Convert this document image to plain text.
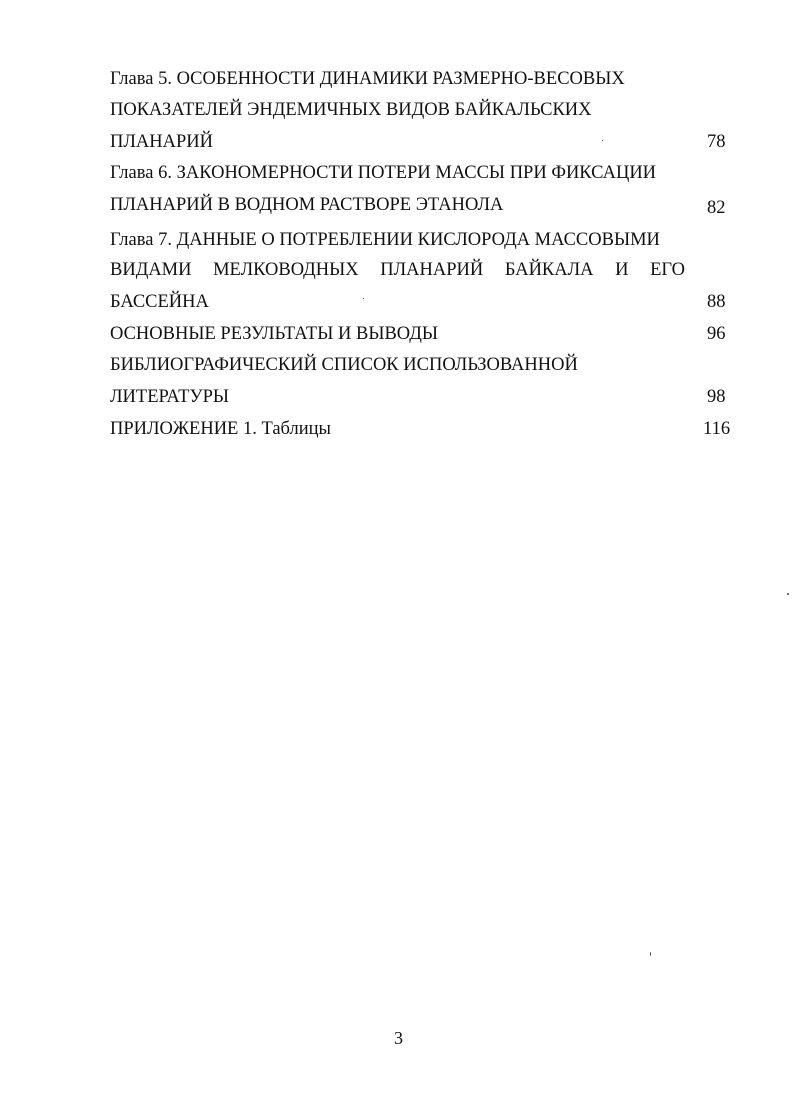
Глава 5. ОСОБЕННОСТИ ДИНАМИКИ РАЗМЕРНО-ВЕСОВЫХ
ПОКАЗАТЕЛЕЙ ЭНДЕМИЧНЫХ ВИДОВ БАЙКАЛЬСКИХ
ПЛАНАРИЙ	78
Глава 6. ЗАКОНОМЕРНОСТИ ПОТЕРИ МАССЫ ПРИ ФИКСАЦИИ
ПЛАНАРИЙ В ВОДНОМ РАСТВОРЕ ЭТАНОЛА	82
Глава 7. ДАННЫЕ О ПОТРЕБЛЕНИИ КИСЛОРОДА МАССОВЫМИ
ВИДАМИ МЕЛКОВОДНЫХ ПЛАНАРИЙ БАЙКАЛА И ЕГО
БАССЕЙНА	88
ОСНОВНЫЕ РЕЗУЛЬТАТЫ И ВЫВОДЫ	96
БИБЛИОГРАФИЧЕСКИЙ СПИСОК ИСПОЛЬЗОВАННОЙ
ЛИТЕРАТУРЫ	98
ПРИЛОЖЕНИЕ 1. Таблицы	116
3
